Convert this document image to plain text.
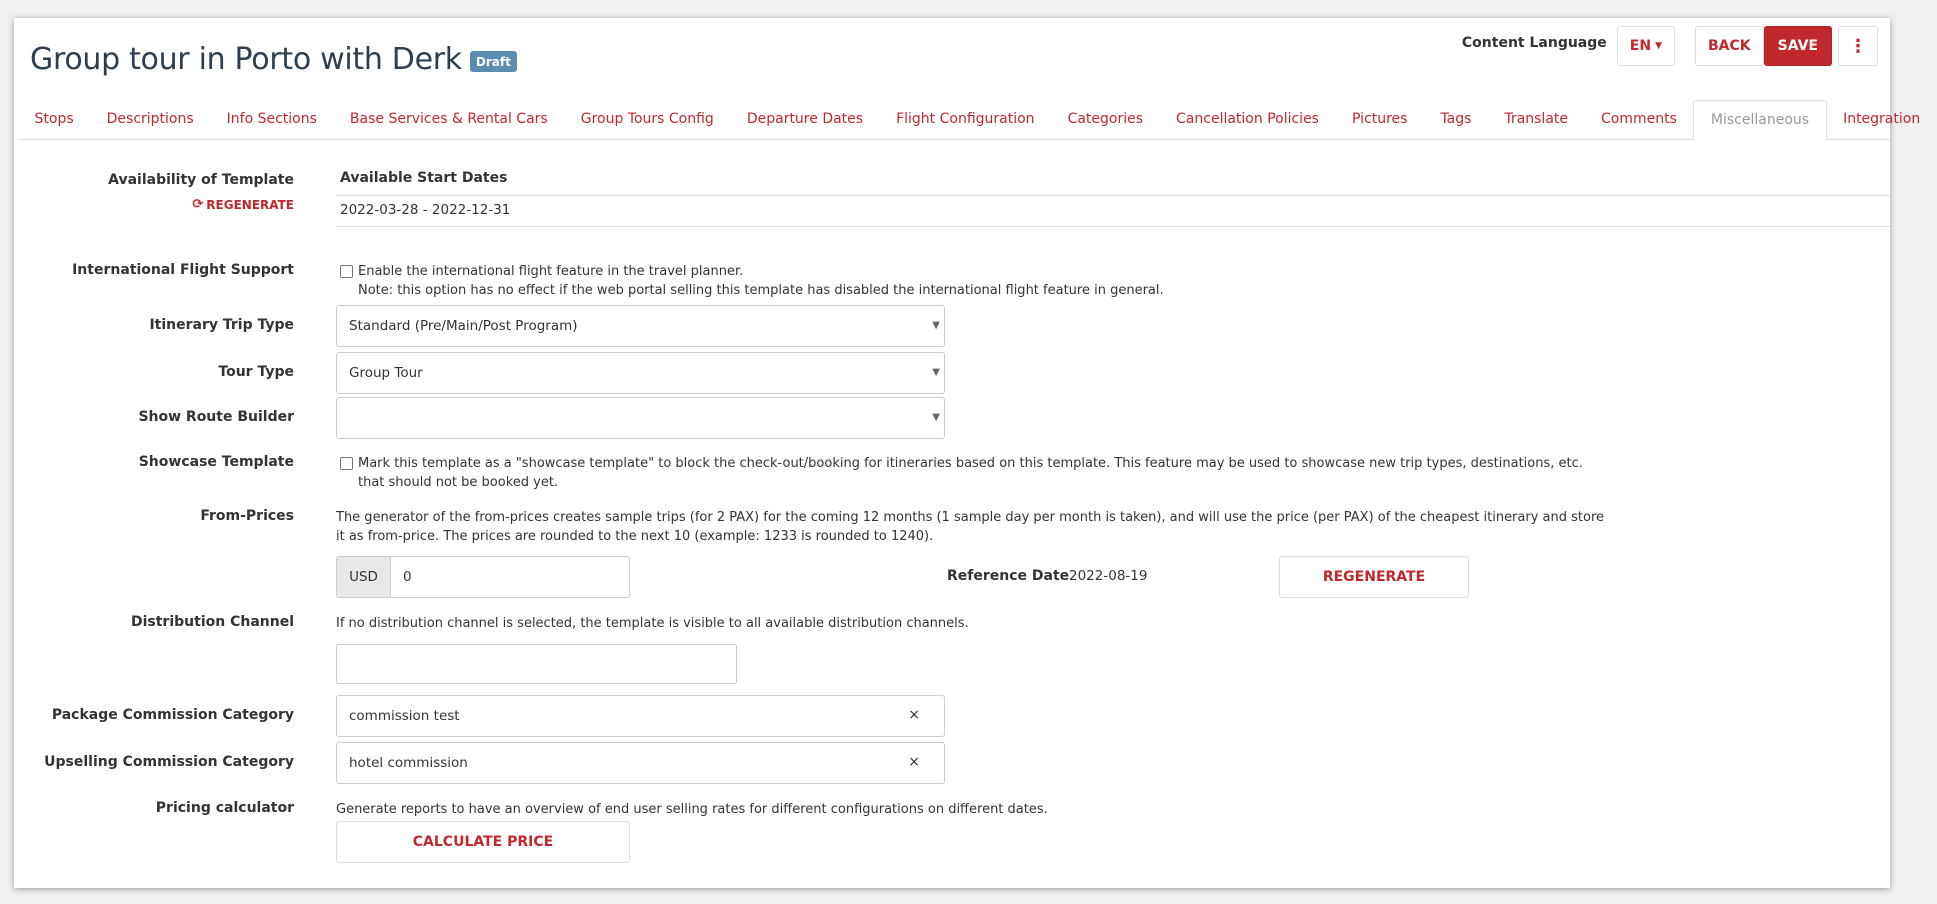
Group tour in Porto with Derk	Draft
Content Language EN ▼	BACK	SAVE	⋮
Stops	Descriptions	Info Sections	Base Services & Rental Cars	Group Tours Config	Departure Dates	Flight Configuration	Categories	Cancellation Policies	Pictures	Tags	Translate	Comments	Miscellaneous	Integration
Availability of Template
⟳ REGENERATE
Available Start Dates
2022-03-28 - 2022-12-31
International Flight Support	Enable the international flight feature in the travel planner.
Note: this option has no effect if the web portal selling this template has disabled the international flight feature in general.
Itinerary Trip Type	Standard (Pre/Main/Post Program)	▼
Tour Type	Group Tour	▼
Show Route Builder	▼
Showcase Template	Mark this template as a "showcase template" to block the check-out/booking for itineraries based on this template. This feature may be used to showcase new trip types, destinations, etc.
that should not be booked yet.
From-Prices	The generator of the from-prices creates sample trips (for 2 PAX) for the coming 12 months (1 sample day per month is taken), and will use the price (per PAX) of the cheapest itinerary and store
it as from-price. The prices are rounded to the next 10 (example: 1233 is rounded to 1240).
USD	0	Reference Date 2022-08-19	REGENERATE
Distribution Channel	If no distribution channel is selected, the template is visible to all available distribution channels.
Package Commission Category	commission test	×
Upselling Commission Category	hotel commission	×
Pricing calculator	Generate reports to have an overview of end user selling rates for different configurations on different dates.
CALCULATE PRICE
